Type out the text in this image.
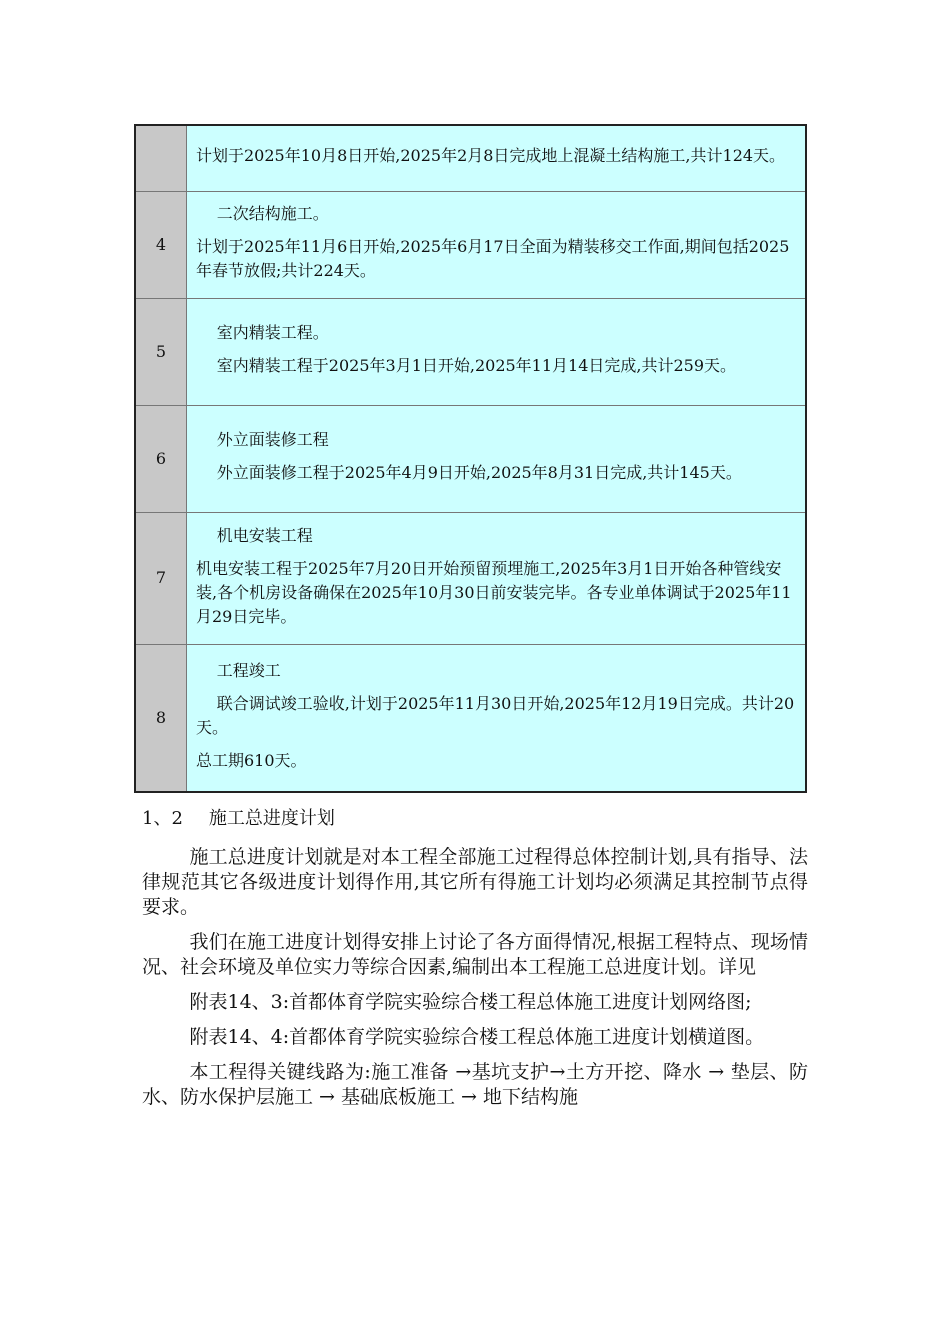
	计划于2025年10月8日开始,2025年2月8日完成地上混凝土结构施工,共计124天。

4	二次结构施工。

计划于2025年11月6日开始,2025年6月17日全面为精装移交工作面,期间包括2025年春节放假;共计224天。

5	室内精装工程。

室内精装工程于2025年3月1日开始,2025年11月14日完成,共计259天。

6	外立面装修工程

外立面装修工程于2025年4月9日开始,2025年8月31日完成,共计145天。

7	机电安装工程

机电安装工程于2025年7月20日开始预留预埋施工,2025年3月1日开始各种管线安装,各个机房设备确保在2025年10月30日前安装完毕。各专业单体调试于2025年11月29日完毕。

8	工程竣工

联合调试竣工验收,计划于2025年11月30日开始,2025年12月19日完成。共计20天。

总工期610天。

1、2 施工总进度计划

施工总进度计划就是对本工程全部施工过程得总体控制计划,具有指导、法律规范其它各级进度计划得作用,其它所有得施工计划均必须满足其控制节点得要求。

我们在施工进度计划得安排上讨论了各方面得情况,根据工程特点、现场情况、社会环境及单位实力等综合因素,编制出本工程施工总进度计划。详见

附表14、3:首都体育学院实验综合楼工程总体施工进度计划网络图;

附表14、4:首都体育学院实验综合楼工程总体施工进度计划横道图。

本工程得关键线路为:施工准备 →基坑支护→土方开挖、降水 → 垫层、防水、防水保护层施工 → 基础底板施工 → 地下结构施
